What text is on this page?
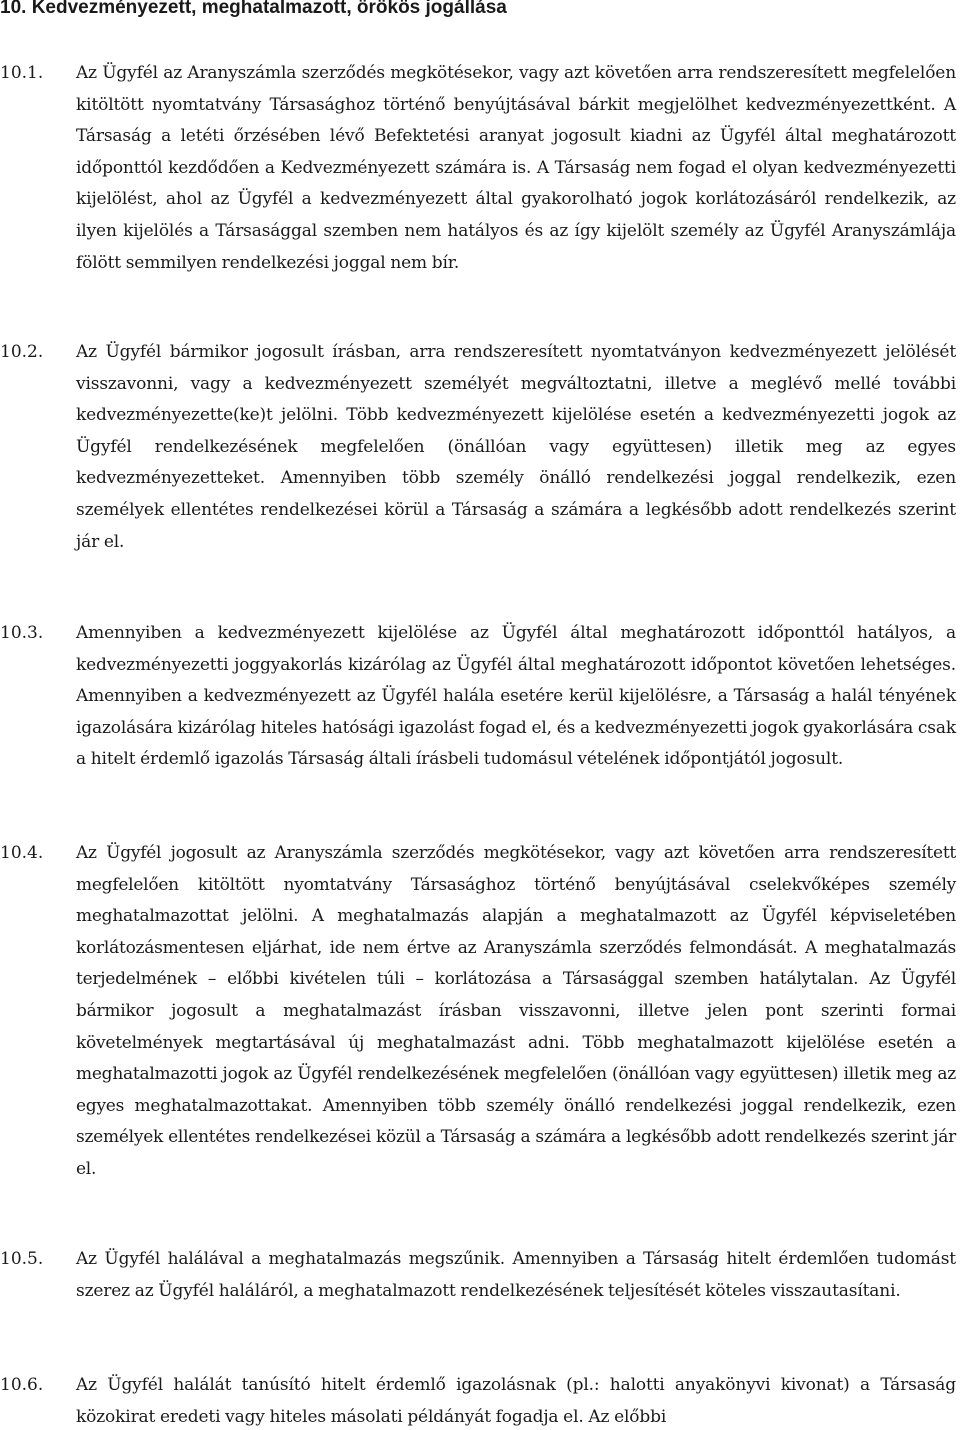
10. Kedvezményezett, meghatalmazott, örökös jogállása
10.1. Az Ügyfél az Aranyszámla szerződés megkötésekor, vagy azt követően arra rendszeresített megfelelően kitöltött nyomtatvány Társasághoz történő benyújtásával bárkit megjelölhet kedvezményezettként. A Társaság a letéti őrzésében lévő Befektetési aranyat jogosult kiadni az Ügyfél által meghatározott időponttól kezdődően a Kedvezményezett számára is. A Társaság nem fogad el olyan kedvezményezetti kijelölést, ahol az Ügyfél a kedvezményezett által gyakorolható jogok korlátozásáról rendelkezik, az ilyen kijelölés a Társasággal szemben nem hatályos és az így kijelölt személy az Ügyfél Aranyszámlája fölött semmilyen rendelkezési joggal nem bír.

10.2. Az Ügyfél bármikor jogosult írásban, arra rendszeresített nyomtatványon kedvezményezett jelölését visszavonni, vagy a kedvezményezett személyét megváltoztatni, illetve a meglévő mellé további kedvezményezette(ke)t jelölni. Több kedvezményezett kijelölése esetén a kedvezményezetti jogok az Ügyfél rendelkezésének megfelelően (önállóan vagy együttesen) illetik meg az egyes kedvezményezetteket. Amennyiben több személy önálló rendelkezési joggal rendelkezik, ezen személyek ellentétes rendelkezései körül a Társaság a számára a legkésőbb adott rendelkezés szerint jár el.

10.3. Amennyiben a kedvezményezett kijelölése az Ügyfél által meghatározott időponttól hatályos, a kedvezményezetti joggyakorlás kizárólag az Ügyfél által meghatározott időpontot követően lehetséges. Amennyiben a kedvezményezett az Ügyfél halála esetére kerül kijelölésre, a Társaság a halál tényének igazolására kizárólag hiteles hatósági igazolást fogad el, és a kedvezményezetti jogok gyakorlására csak a hitelt érdemlő igazolás Társaság általi írásbeli tudomásul vételének időpontjától jogosult.

10.4. Az Ügyfél jogosult az Aranyszámla szerződés megkötésekor, vagy azt követően arra rendszeresített megfelelően kitöltött nyomtatvány Társasághoz történő benyújtásával cselekvőképes személy meghatalmazottat jelölni. A meghatalmazás alapján a meghatalmazott az Ügyfél képviseletében korlátozásmentesen eljárhat, ide nem értve az Aranyszámla szerződés felmondását. A meghatalmazás terjedelmének – előbbi kivételen túli – korlátozása a Társasággal szemben hatálytalan. Az Ügyfél bármikor jogosult a meghatalmazást írásban visszavonni, illetve jelen pont szerinti formai követelmények megtartásával új meghatalmazást adni. Több meghatalmazott kijelölése esetén a meghatalmazotti jogok az Ügyfél rendelkezésének megfelelően (önállóan vagy együttesen) illetik meg az egyes meghatalmazottakat. Amennyiben több személy önálló rendelkezési joggal rendelkezik, ezen személyek ellentétes rendelkezései közül a Társaság a számára a legkésőbb adott rendelkezés szerint jár el.

10.5. Az Ügyfél halálával a meghatalmazás megszűnik. Amennyiben a Társaság hitelt érdemlően tudomást szerez az Ügyfél haláláról, a meghatalmazott rendelkezésének teljesítését köteles visszautasítani.

10.6. Az Ügyfél halálát tanúsító hitelt érdemlő igazolásnak (pl.: halotti anyakönyvi kivonat) a Társaság közokirat eredeti vagy hiteles másolati példányát fogadja el. Az előbbi
